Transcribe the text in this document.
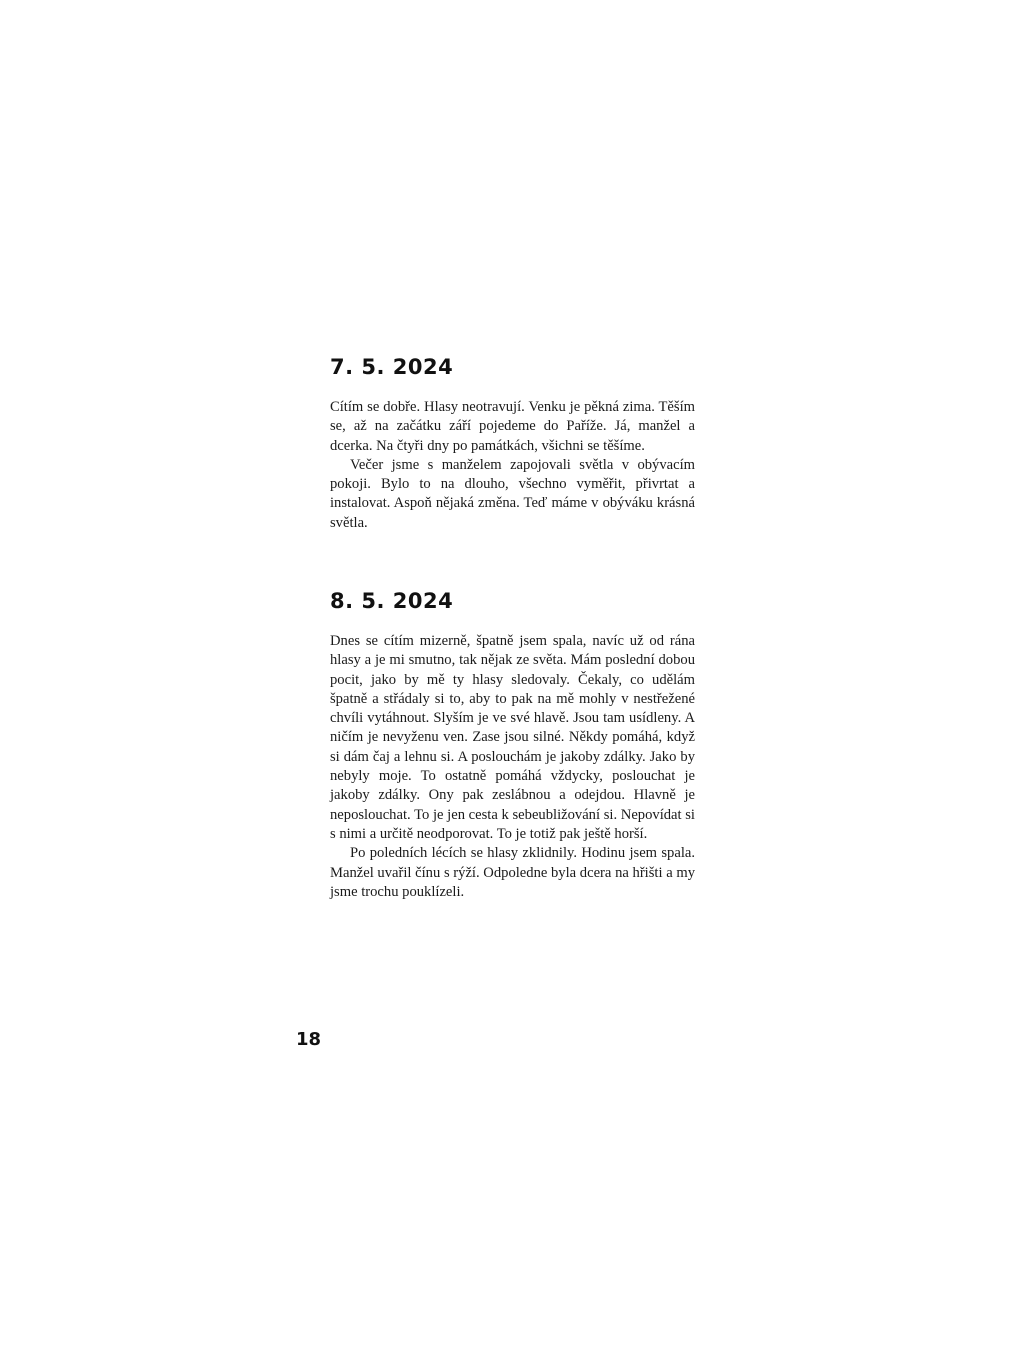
7. 5. 2024

Cítím se dobře. Hlasy neotravují. Venku je pěkná zima. Těším se, až na začátku září pojedeme do Paříže. Já, manžel a dcerka. Na čtyři dny po památkách, všichni se těšíme.

Večer jsme s manželem zapojovali světla v obývacím pokoji. Bylo to na dlouho, všechno vyměřit, přivrtat a instalovat. Aspoň nějaká změna. Teď máme v obýváku krásná světla.

8. 5. 2024

Dnes se cítím mizerně, špatně jsem spala, navíc už od rána hlasy a je mi smutno, tak nějak ze světa. Mám poslední dobou pocit, jako by mě ty hlasy sledovaly. Čekaly, co udělám špatně a střádaly si to, aby to pak na mě mohly v nestřežené chvíli vytáhnout. Slyším je ve své hlavě. Jsou tam usídleny. A ničím je nevyženu ven. Zase jsou silné. Někdy pomáhá, když si dám čaj a lehnu si. A poslouchám je jakoby zdálky. Jako by nebyly moje. To ostatně pomáhá vždycky, poslouchat je jakoby zdálky. Ony pak zeslábnou a odejdou. Hlavně je neposlouchat. To je jen cesta k sebeubližování si. Nepovídat si s nimi a určitě neodporovat. To je totiž pak ještě horší.

Po poledních lécích se hlasy zklidnily. Hodinu jsem spala. Manžel uvařil čínu s rýží. Odpoledne byla dcera na hřišti a my jsme trochu pouklízeli.

18
